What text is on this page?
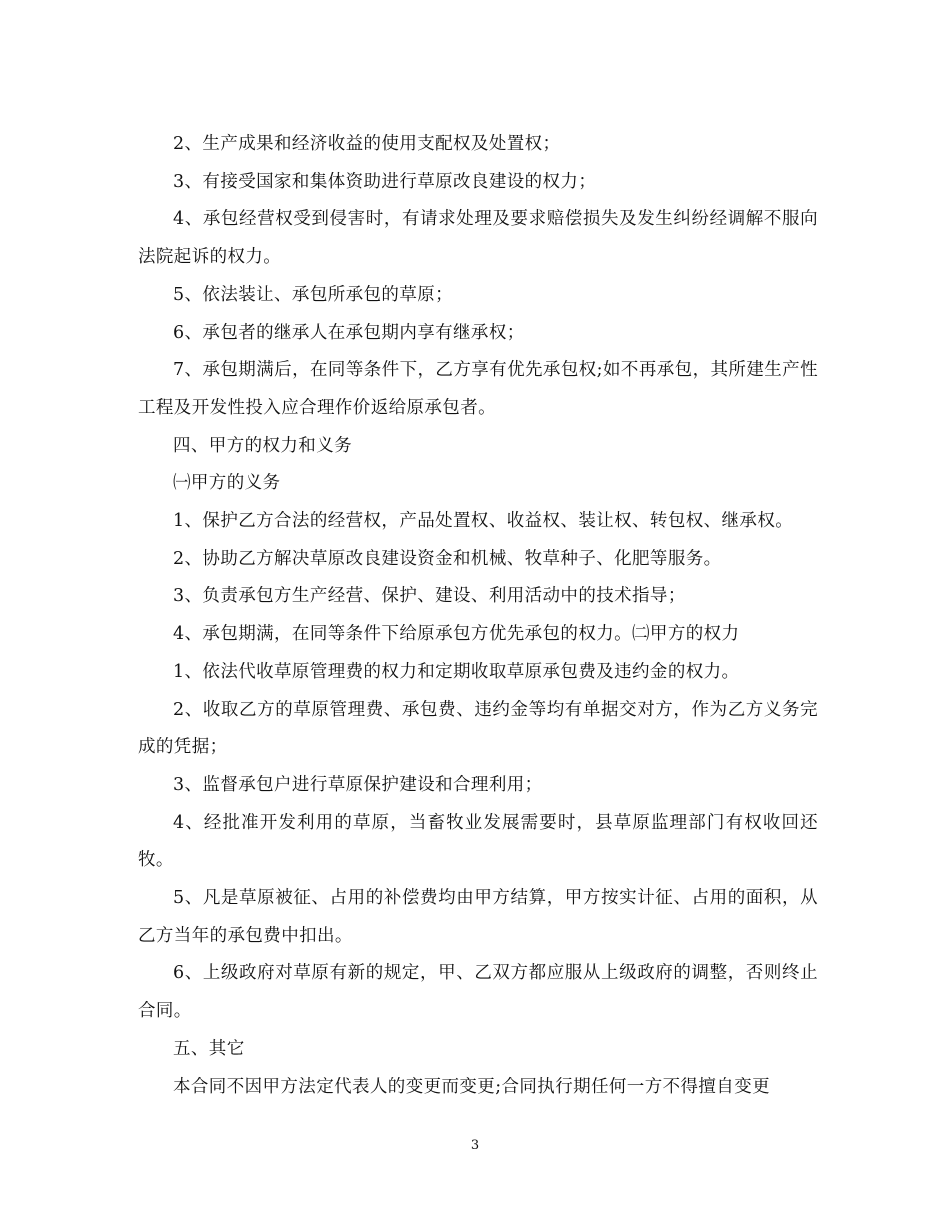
2、生产成果和经济收益的使用支配权及处置权；

3、有接受国家和集体资助进行草原改良建设的权力；

4、承包经营权受到侵害时，有请求处理及要求赔偿损失及发生纠纷经调解不服向法院起诉的权力。

5、依法装让、承包所承包的草原；

6、承包者的继承人在承包期内享有继承权；

7、承包期满后，在同等条件下，乙方享有优先承包权;如不再承包，其所建生产性工程及开发性投入应合理作价返给原承包者。

四、甲方的权力和义务

㈠甲方的义务

1、保护乙方合法的经营权，产品处置权、收益权、装让权、转包权、继承权。

2、协助乙方解决草原改良建设资金和机械、牧草种子、化肥等服务。

3、负责承包方生产经营、保护、建设、利用活动中的技术指导；

4、承包期满，在同等条件下给原承包方优先承包的权力。㈡甲方的权力

1、依法代收草原管理费的权力和定期收取草原承包费及违约金的权力。

2、收取乙方的草原管理费、承包费、违约金等均有单据交对方，作为乙方义务完成的凭据；

3、监督承包户进行草原保护建设和合理利用；

4、经批准开发利用的草原，当畜牧业发展需要时，县草原监理部门有权收回还牧。

5、凡是草原被征、占用的补偿费均由甲方结算，甲方按实计征、占用的面积，从乙方当年的承包费中扣出。

6、上级政府对草原有新的规定，甲、乙双方都应服从上级政府的调整，否则终止合同。

五、其它

本合同不因甲方法定代表人的变更而变更;合同执行期任何一方不得擅自变更

3
